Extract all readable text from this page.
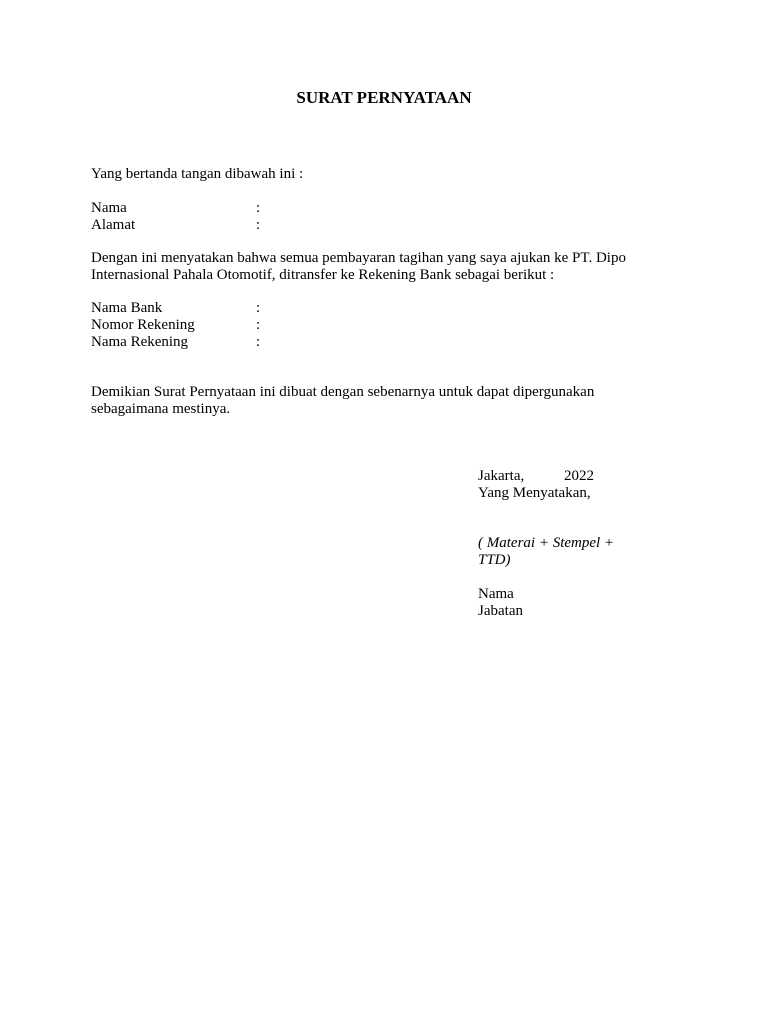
SURAT PERNYATAAN
Yang bertanda tangan dibawah ini :
Nama	:
Alamat	:
Dengan ini menyatakan bahwa semua pembayaran tagihan yang saya ajukan ke PT. Dipo
Internasional Pahala Otomotif, ditransfer ke Rekening Bank sebagai berikut :
Nama Bank	:
Nomor Rekening	:
Nama Rekening	:
Demikian Surat Pernyataan ini dibuat dengan sebenarnya untuk dapat dipergunakan
sebagaimana mestinya.
Jakarta,	2022
Yang Menyatakan,
( Materai + Stempel +
TTD)
Nama
Jabatan
